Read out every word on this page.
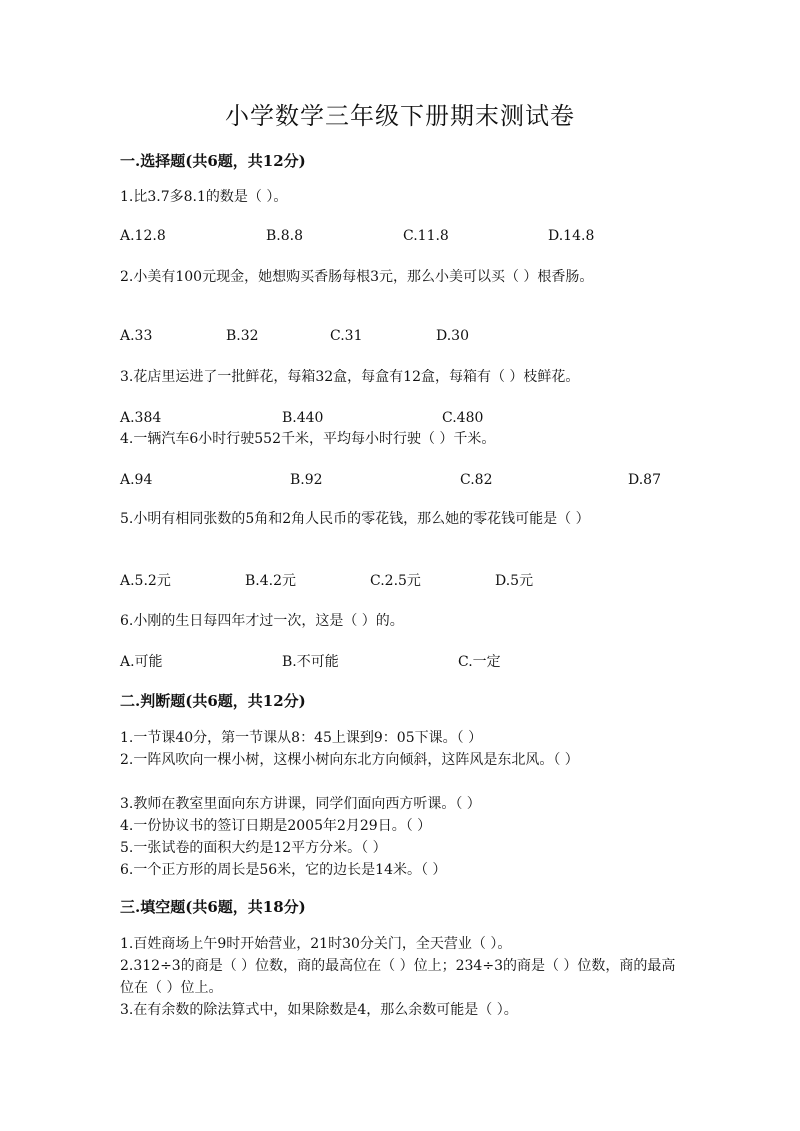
小学数学三年级下册期末测试卷
一.选择题(共6题，共12分)
1.比3.7多8.1的数是（ ）。
A.12.8	B.8.8	C.11.8	D.14.8
2.小美有100元现金，她想购买香肠每根3元，那么小美可以买（ ）根香肠。
A.33	B.32	C.31	D.30
3.花店里运进了一批鲜花，每箱32盒，每盒有12盒，每箱有（ ）枝鲜花。
A.384	B.440	C.480
4.一辆汽车6小时行驶552千米，平均每小时行驶（ ）千米。
A.94	B.92	C.82	D.87
5.小明有相同张数的5角和2角人民币的零花钱，那么她的零花钱可能是（ ）
A.5.2元	B.4.2元	C.2.5元	D.5元
6.小刚的生日每四年才过一次，这是（ ）的。
A.可能	B.不可能	C.一定
二.判断题(共6题，共12分)
1.一节课40分，第一节课从8：45上课到9：05下课。（ ）
2.一阵风吹向一棵小树，这棵小树向东北方向倾斜，这阵风是东北风。（ ）
3.教师在教室里面向东方讲课，同学们面向西方听课。（ ）
4.一份协议书的签订日期是2005年2月29日。（ ）
5.一张试卷的面积大约是12平方分米。（ ）
6.一个正方形的周长是56米，它的边长是14米。（ ）
三.填空题(共6题，共18分)
1.百姓商场上午9时开始营业，21时30分关门，全天营业（ ）。
2.312÷3的商是（ ）位数，商的最高位在（ ）位上；234÷3的商是（ ）位数，商的最高位在（ ）位上。
3.在有余数的除法算式中，如果除数是4，那么余数可能是（ ）。
